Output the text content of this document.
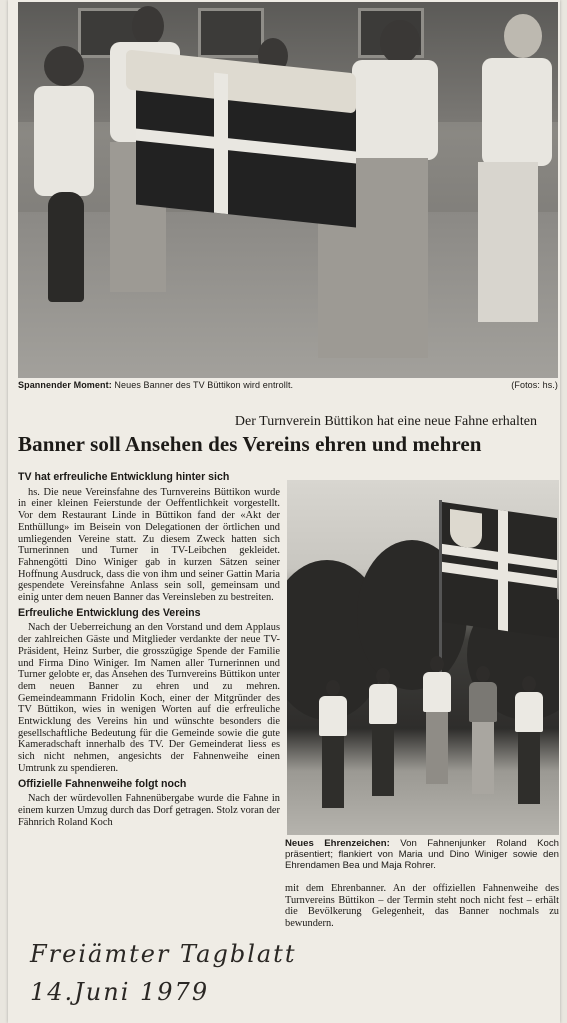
Spannender Moment: Neues Banner des TV Büttikon wird entrollt.	(Fotos: hs.)
Der Turnverein Büttikon hat eine neue Fahne erhalten
Banner soll Ansehen des Vereins ehren und mehren
TV hat erfreuliche Entwicklung hinter sich

hs. Die neue Vereinsfahne des Turnvereins Büttikon wurde in einer kleinen Feierstunde der Oeffentlichkeit vorgestellt. Vor dem Restaurant Linde in Büttikon fand der «Akt der Enthüllung» im Beisein von Delegationen der örtlichen und umliegenden Vereine statt. Zu diesem Zweck hatten sich Turnerinnen und Turner in TV-Leibchen gekleidet. Fahnengötti Dino Winiger gab in kurzen Sätzen seiner Hoffnung Ausdruck, dass die von ihm und seiner Gattin Maria gespendete Vereinsfahne Anlass sein soll, gemeinsam und einig unter dem neuen Banner das Vereinsleben zu bestreiten.

Erfreuliche Entwicklung des Vereins

Nach der Ueberreichung an den Vorstand und dem Applaus der zahlreichen Gäste und Mitglieder verdankte der neue TV-Präsident, Heinz Surber, die grosszügige Spende der Familie und Firma Dino Winiger. Im Namen aller Turnerinnen und Turner gelobte er, das Ansehen des Turnvereins Büttikon unter dem neuen Banner zu ehren und zu mehren. Gemeindeammann Fridolin Koch, einer der Mitgründer des TV Büttikon, wies in wenigen Worten auf die erfreuliche Entwicklung des Vereins hin und wünschte besonders die gesellschaftliche Bedeutung für die Gemeinde sowie die gute Kameradschaft innerhalb des TV. Der Gemeinderat liess es sich nicht nehmen, angesichts der Fahnenweihe einen Umtrunk zu spendieren.

Offizielle Fahnenweihe folgt noch

Nach der würdevollen Fahnenübergabe wurde die Fahne in einem kurzen Umzug durch das Dorf getragen. Stolz voran der Fähnrich Roland Koch

Neues Ehrenzeichen: Von Fahnenjunker Roland Koch präsentiert; flankiert von Maria und Dino Winiger sowie den Ehrendamen Bea und Maja Rohrer.
mit dem Ehrenbanner. An der offiziellen Fahnenweihe des Turnvereins Büttikon – der Termin steht noch nicht fest – erhält die Bevölkerung Gelegenheit, das Banner nochmals zu bewundern.
Freiämter Tagblatt
14.Juni 1979
